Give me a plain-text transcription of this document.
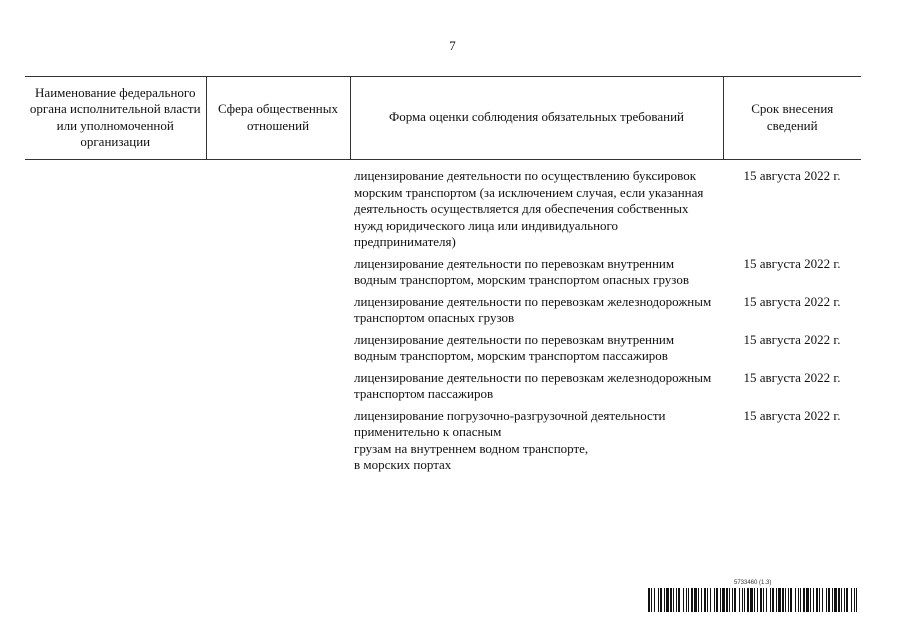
7
Наименование федерального органа исполнительной власти или уполномоченной организации	Сфера общественных отношений	Форма оценки соблюдения обязательных требований	Срок внесения сведений
		лицензирование деятельности по осуществлению буксировок морским транспортом (за исключением случая, если указанная деятельность осуществляется для обеспечения собственных нужд юридического лица или индивидуального предпринимателя)	15 августа 2022 г.
		лицензирование деятельности по перевозкам внутренним водным транспортом, морским транспортом опасных грузов	15 августа 2022 г.
		лицензирование деятельности по перевозкам железнодорожным транспортом опасных грузов	15 августа 2022 г.
		лицензирование деятельности по перевозкам внутренним водным транспортом, морским транспортом пассажиров	15 августа 2022 г.
		лицензирование деятельности по перевозкам железнодорожным транспортом пассажиров	15 августа 2022 г.
		лицензирование погрузочно-разгрузочной деятельности применительно к опасным
грузам на внутреннем водном транспорте,
в морских портах	15 августа 2022 г.
5733460 (1.3)
